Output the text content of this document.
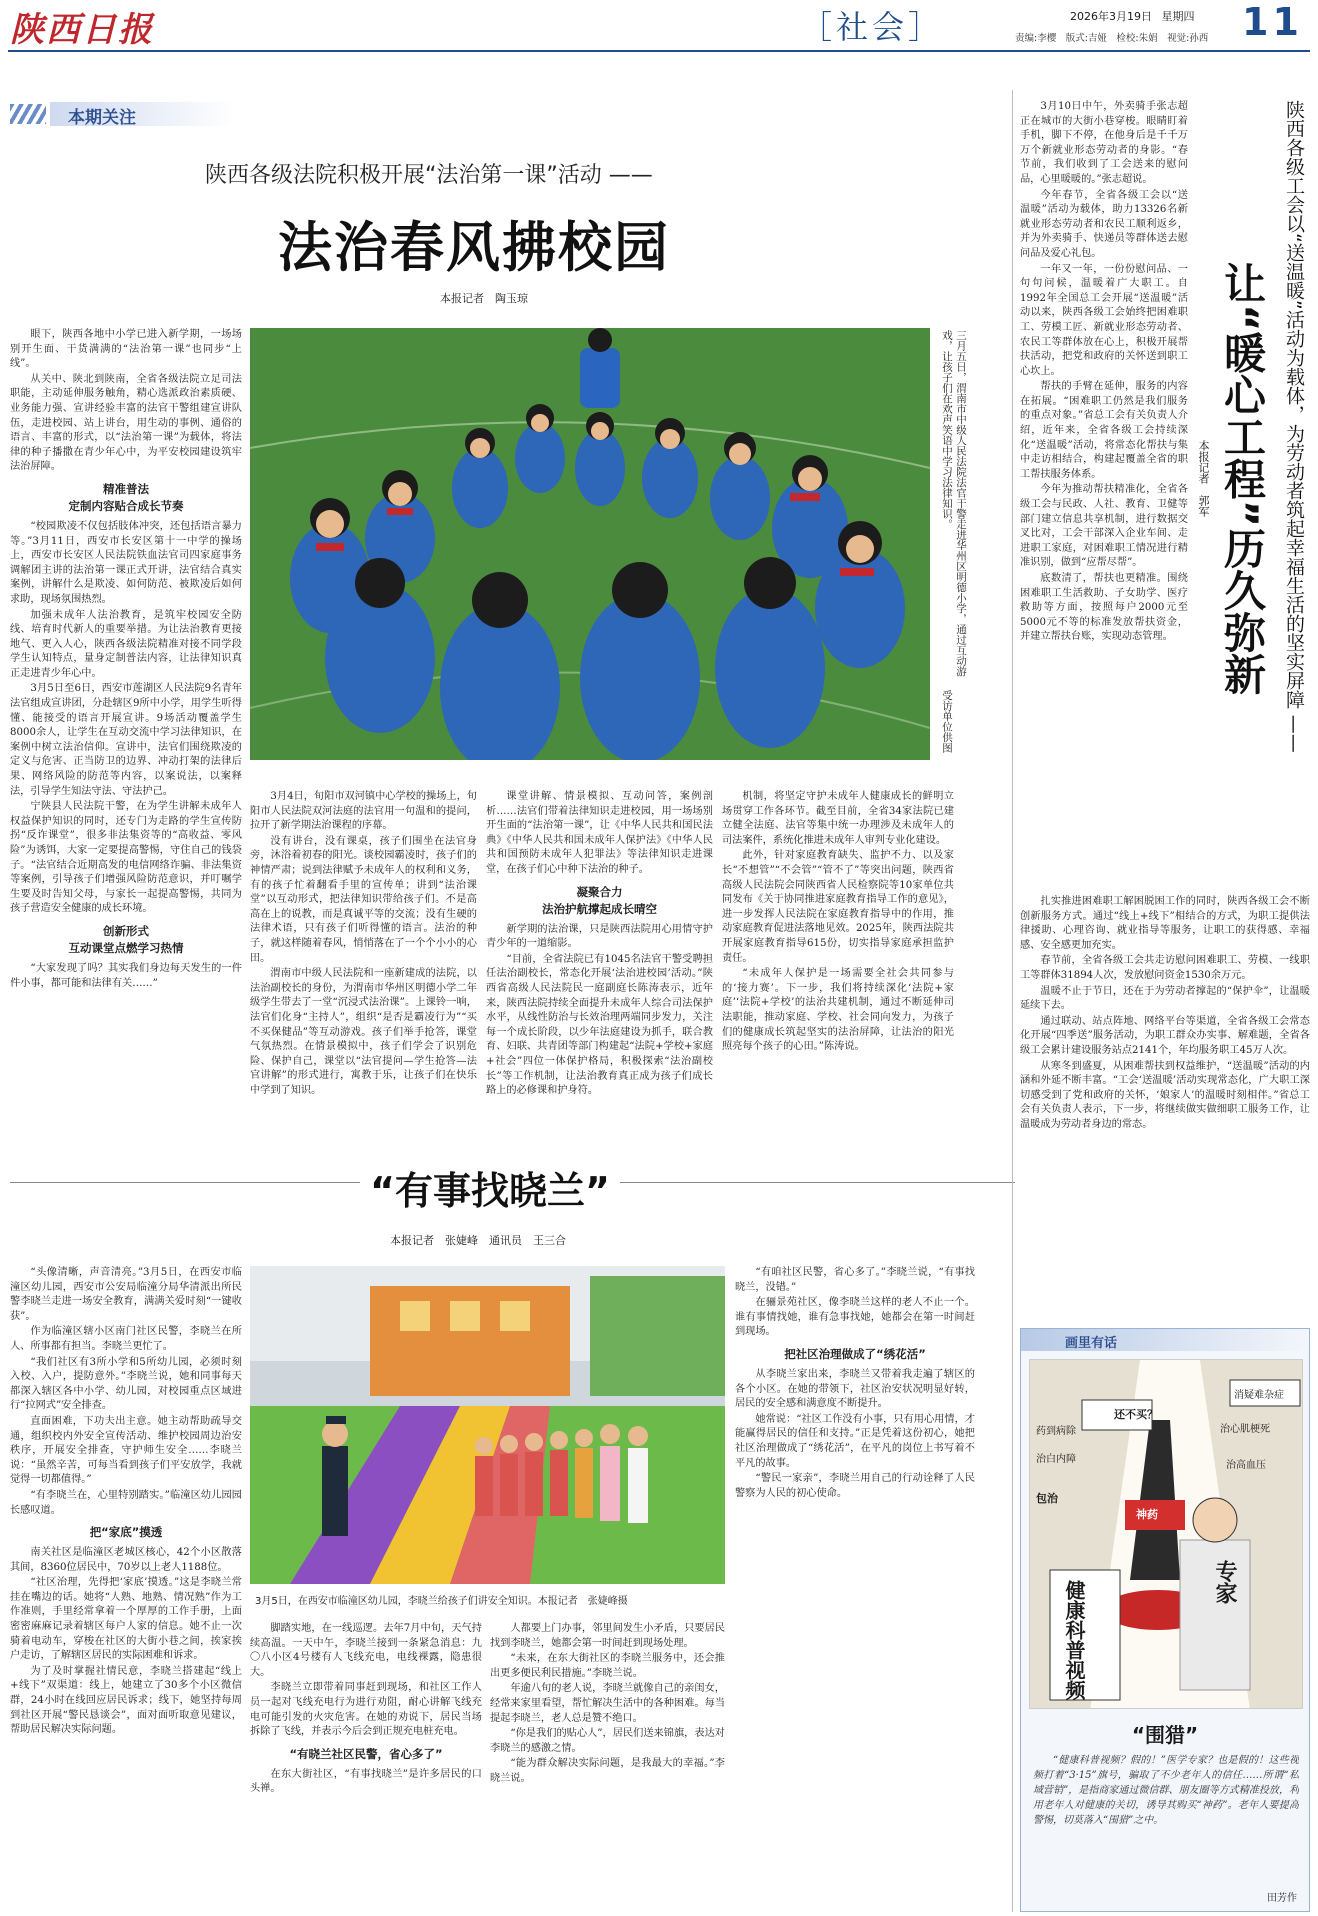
陕西日报	［社会］	2026年3月19日 星期四
责编:李樱　版式:吉娅　检校:朱娟　视觉:孙西 11
本期关注
陕西各级法院积极开展“法治第一课”活动 ——
法治春风拂校园
本报记者　陶玉琼

眼下，陕西各地中小学已进入新学期，一场场别开生面、干货满满的“法治第一课”也同步“上线”。

从关中、陕北到陕南，全省各级法院立足司法职能，主动延伸服务触角，精心选派政治素质硬、业务能力强、宣讲经验丰富的法官干警组建宣讲队伍，走进校园、站上讲台，用生动的事例、通俗的语言、丰富的形式，以“法治第一课”为载体，将法律的种子播撒在青少年心中，为平安校园建设筑牢法治屏障。

精准普法
定制内容贴合成长节奏

“校园欺凌不仅包括肢体冲突，还包括语言暴力等。”3月11日，西安市长安区第十一中学的操场上，西安市长安区人民法院铁血法官司四家庭事务调解团主讲的法治第一课正式开讲，法官结合真实案例，讲解什么是欺凌、如何防范、被欺凌后如何求助，现场氛围热烈。

加强未成年人法治教育，是筑牢校园安全防线、培育时代新人的重要举措。为让法治教育更接地气、更入人心，陕西各级法院精准对接不同学段学生认知特点，量身定制普法内容，让法律知识真正走进青少年心中。

3月5日至6日，西安市莲湖区人民法院9名青年法官组成宣讲团，分赴辖区9所中小学，用学生听得懂、能接受的语言开展宣讲。9场活动覆盖学生8000余人，让学生在互动交流中学习法律知识，在案例中树立法治信仰。宣讲中，法官们围绕欺凌的定义与危害、正当防卫的边界、冲动打架的法律后果、网络风险的防范等内容，以案说法，以案释法，引导学生知法守法、守法护己。

宁陕县人民法院干警，在为学生讲解未成年人权益保护知识的同时，还专门为走路的学生宣传防拐“反诈课堂”，很多非法集资等的“高收益、零风险”为诱饵，大家一定要提高警惕，守住自己的钱袋子。“法官结合近期高发的电信网络诈骗、非法集资等案例，引导孩子们增强风险防范意识，并叮嘱学生要及时告知父母，与家长一起提高警惕，共同为孩子营造安全健康的成长环境。

创新形式
互动课堂点燃学习热情

“大家发现了吗？其实我们身边每天发生的一件件小事，都可能和法律有关……”

三月五日，渭南市中级人民法院法官干警走进华州区明德小学，通过互动游戏，让孩子们在欢声笑语中学习法律知识。
受访单位供图

3月4日，旬阳市双河镇中心学校的操场上，旬阳市人民法院双河法庭的法官用一句温和的提问，拉开了新学期法治课程的序幕。

没有讲台，没有课桌，孩子们围坐在法官身旁，沐浴着初春的阳光。谈校园霸凌时，孩子们的神情严肃；说到法律赋予未成年人的权利和义务，有的孩子忙着翻看手里的宣传单；讲到“法治课堂”以互动形式，把法律知识带给孩子们。不是高高在上的说教，而是真诚平等的交流；没有生硬的法律术语，只有孩子们听得懂的语言。法治的种子，就这样随着春风，悄悄落在了一个个小小的心田。

渭南市中级人民法院和一座新建成的法院，以法治副校长的身份，为渭南市华州区明德小学二年级学生带去了一堂“沉浸式法治课”。上课铃一响，法官们化身“主持人”，组织“是否是霸凌行为”“买不买保健品”等互动游戏。孩子们举手抢答，课堂气氛热烈。在情景模拟中，孩子们学会了识别危险、保护自己，课堂以“法官提问—学生抢答—法官讲解”的形式进行，寓教于乐，让孩子们在快乐中学到了知识。

课堂讲解、情景模拟、互动问答，案例剖析……法官们带着法律知识走进校园，用一场场别开生面的“法治第一课”，让《中华人民共和国民法典》《中华人民共和国未成年人保护法》《中华人民共和国预防未成年人犯罪法》等法律知识走进课堂，在孩子们心中种下法治的种子。

凝聚合力
法治护航撑起成长晴空

新学期的法治课，只是陕西法院用心用情守护青少年的一道缩影。

“目前，全省法院已有1045名法官干警受聘担任法治副校长，常态化开展‘法治进校园’活动。”陕西省高级人民法院民一庭副庭长陈涛表示，近年来，陕西法院持续全面提升未成年人综合司法保护水平，从线性防治与长效治理两端同步发力，关注每一个成长阶段，以少年法庭建设为抓手，联合教育、妇联、共青团等部门构建起“法院+学校+家庭+社会”四位一体保护格局，积极探索“法治副校长”等工作机制，让法治教育真正成为孩子们成长路上的必修课和护身符。

机制，将坚定守护未成年人健康成长的鲜明立场贯穿工作各环节。截至目前，全省34家法院已建立健全法庭、法官等集中统一办理涉及未成年人的司法案件，系统化推进未成年人审判专业化建设。

此外，针对家庭教育缺失、监护不力、以及家长“不想管”“不会管”“管不了”等突出问题，陕西省高级人民法院会同陕西省人民检察院等10家单位共同发布《关于协同推进家庭教育指导工作的意见》，进一步发挥人民法院在家庭教育指导中的作用，推动家庭教育促进法落地见效。2025年，陕西法院共开展家庭教育指导615份，切实指导家庭承担监护责任。

“未成年人保护是一场需要全社会共同参与的‘接力赛’。下一步，我们将持续深化‘法院+家庭’‘法院+学校’的法治共建机制，通过不断延伸司法职能，推动家庭、学校、社会同向发力，为孩子们的健康成长筑起坚实的法治屏障，让法治的阳光照亮每个孩子的心田。”陈涛说。

“有事找晓兰”
本报记者　张婕峰　通讯员　王三合

“头像清晰，声音清亮。”3月5日，在西安市临潼区幼儿园，西安市公安局临潼分局华清派出所民警李晓兰走进一场安全教育，满满关爱时刻“一键收获”。

作为临潼区辖小区南门社区民警，李晓兰在所人、所事都有担当。李晓兰更忙了。

“我们社区有3所小学和5所幼儿园，必须时刻入校、入户，提防意外。”李晓兰说，她和同事每天都深入辖区各中小学、幼儿园，对校园重点区域进行“拉网式”安全排查。

直面困难，下功夫出主意。她主动帮助疏导交通，组织校内外安全宣传活动、维护校园周边治安秩序，开展安全排查，守护师生安全……李晓兰说：“虽然辛苦，可每当看到孩子们平安放学，我就觉得一切都值得。”

“有李晓兰在，心里特别踏实。”临潼区幼儿园园长感叹道。

把“家底”摸透

南关社区是临潼区老城区核心，42个小区散落其间，8360位居民中，70岁以上老人1188位。

“社区治理，先得把‘家底’摸透。”这是李晓兰常挂在嘴边的话。她将“人熟、地熟、情况熟”作为工作准则，手里经常拿着一个厚厚的工作手册，上面密密麻麻记录着辖区每户人家的信息。她不止一次骑着电动车，穿梭在社区的大街小巷之间，挨家挨户走访，了解辖区居民的实际困难和诉求。

为了及时掌握社情民意，李晓兰搭建起“线上+线下”双渠道：线上，她建立了30多个小区微信群，24小时在线回应居民诉求；线下，她坚持每周到社区开展“警民恳谈会”，面对面听取意见建议，帮助居民解决实际问题。

3月5日，在西安市临潼区幼儿园，李晓兰给孩子们讲安全知识。本报记者　张婕峰摄

脚踏实地，在一线巡逻。去年7月中旬，天气持续高温。一天中午，李晓兰接到一条紧急消息：九〇八小区4号楼有人飞线充电，电线裸露，隐患很大。

李晓兰立即带着同事赶到现场，和社区工作人员一起对飞线充电行为进行劝阻，耐心讲解飞线充电可能引发的火灾危害。在她的劝说下，居民当场拆除了飞线，并表示今后会到正规充电桩充电。

“有晓兰社区民警，省心多了”

在东大街社区，“有事找晓兰”是许多居民的口头禅。

人都要上门办事，邻里间发生小矛盾，只要居民找到李晓兰，她都会第一时间赶到现场处理。

“未来，在东大街社区的李晓兰服务中，还会推出更多便民利民措施。”李晓兰说。

年逾八旬的老人说，李晓兰就像自己的亲闺女，经常来家里看望，帮忙解决生活中的各种困难。每当提起李晓兰，老人总是赞不绝口。

“你是我们的贴心人”，居民们送来锦旗，表达对李晓兰的感激之情。

“能为群众解决实际问题，是我最大的幸福。”李晓兰说。

“有咱社区民警，省心多了。”李晓兰说，“有事找晓兰，没错。”

在骊景苑社区，像李晓兰这样的老人不止一个。谁有事情找她，谁有急事找她，她都会在第一时间赶到现场。

把社区治理做成了“绣花活”

从李晓兰家出来，李晓兰又带着我走遍了辖区的各个小区。在她的带领下，社区治安状况明显好转，居民的安全感和满意度不断提升。

她常说：“社区工作没有小事，只有用心用情，才能赢得居民的信任和支持。”正是凭着这份初心，她把社区治理做成了“绣花活”，在平凡的岗位上书写着不平凡的故事。

“警民一家亲”，李晓兰用自己的行动诠释了人民警察为人民的初心使命。

陕西各级工会以“送温暖”活动为载体，为劳动者筑起幸福生活的坚实屏障 ——
让“暖心工程”历久弥新
本报记者　郭军

3月10日中午，外卖骑手张志超正在城市的大街小巷穿梭。眼睛盯着手机，脚下不停，在他身后是千千万万个新就业形态劳动者的身影。“春节前，我们收到了工会送来的慰问品，心里暖暖的。”张志超说。

今年春节，全省各级工会以“送温暖”活动为载体，助力13326名新就业形态劳动者和农民工顺利返乡，并为外卖骑手、快递员等群体送去慰问品及爱心礼包。

一年又一年，一份份慰问品、一句句问候，温暖着广大职工。自1992年全国总工会开展“送温暖”活动以来，陕西各级工会始终把困难职工、劳模工匠、新就业形态劳动者、农民工等群体放在心上，积极开展帮扶活动，把党和政府的关怀送到职工心坎上。

帮扶的手臂在延伸，服务的内容在拓展。“困难职工仍然是我们服务的重点对象。”省总工会有关负责人介绍，近年来，全省各级工会持续深化“送温暖”活动，将常态化帮扶与集中走访相结合，构建起覆盖全省的职工帮扶服务体系。

今年为推动帮扶精准化，全省各级工会与民政、人社、教育、卫健等部门建立信息共享机制，进行数据交叉比对，工会干部深入企业车间、走进职工家庭，对困难职工情况进行精准识别，做到“应帮尽帮”。

底数清了，帮扶也更精准。围绕困难职工生活救助、子女助学、医疗救助等方面，按照每户2000元至5000元不等的标准发放帮扶资金，并建立帮扶台账，实现动态管理。

扎实推进困难职工解困脱困工作的同时，陕西各级工会不断创新服务方式。通过“线上+线下”相结合的方式，为职工提供法律援助、心理咨询、就业指导等服务，让职工的获得感、幸福感、安全感更加充实。

春节前，全省各级工会共走访慰问困难职工、劳模、一线职工等群体31894人次，发放慰问资金1530余万元。

温暖不止于节日，还在于为劳动者撑起的“保护伞”，让温暖延续下去。

通过联动、站点阵地、网络平台等渠道，全省各级工会常态化开展“四季送”服务活动，为职工群众办实事、解难题，全省各级工会累计建设服务站点2141个，年均服务职工45万人次。

从寒冬到盛夏，从困难帮扶到权益维护，“送温暖”活动的内涵和外延不断丰富。“工会‘送温暖’活动实现常态化，广大职工深切感受到了党和政府的关怀，‘娘家人’的温暖时刻相伴。”省总工会有关负责人表示，下一步，将继续做实做细职工服务工作，让温暖成为劳动者身边的常态。

画里有话
还不买？
消疑难杂症
包治
神药
专家
健康科普视频
治白内障
治心肌梗死
治高血压
药到病除
“围猎”
“健康科普视频？假的！”医学专家？也是假的！这些视频打着“3·15”旗号，骗取了不少老年人的信任……所谓“私域营销”，是指商家通过微信群、朋友圈等方式精准投放，利用老年人对健康的关切，诱导其购买“神药”。老年人要提高警惕，切莫落入“围猎”之中。
田芳作
